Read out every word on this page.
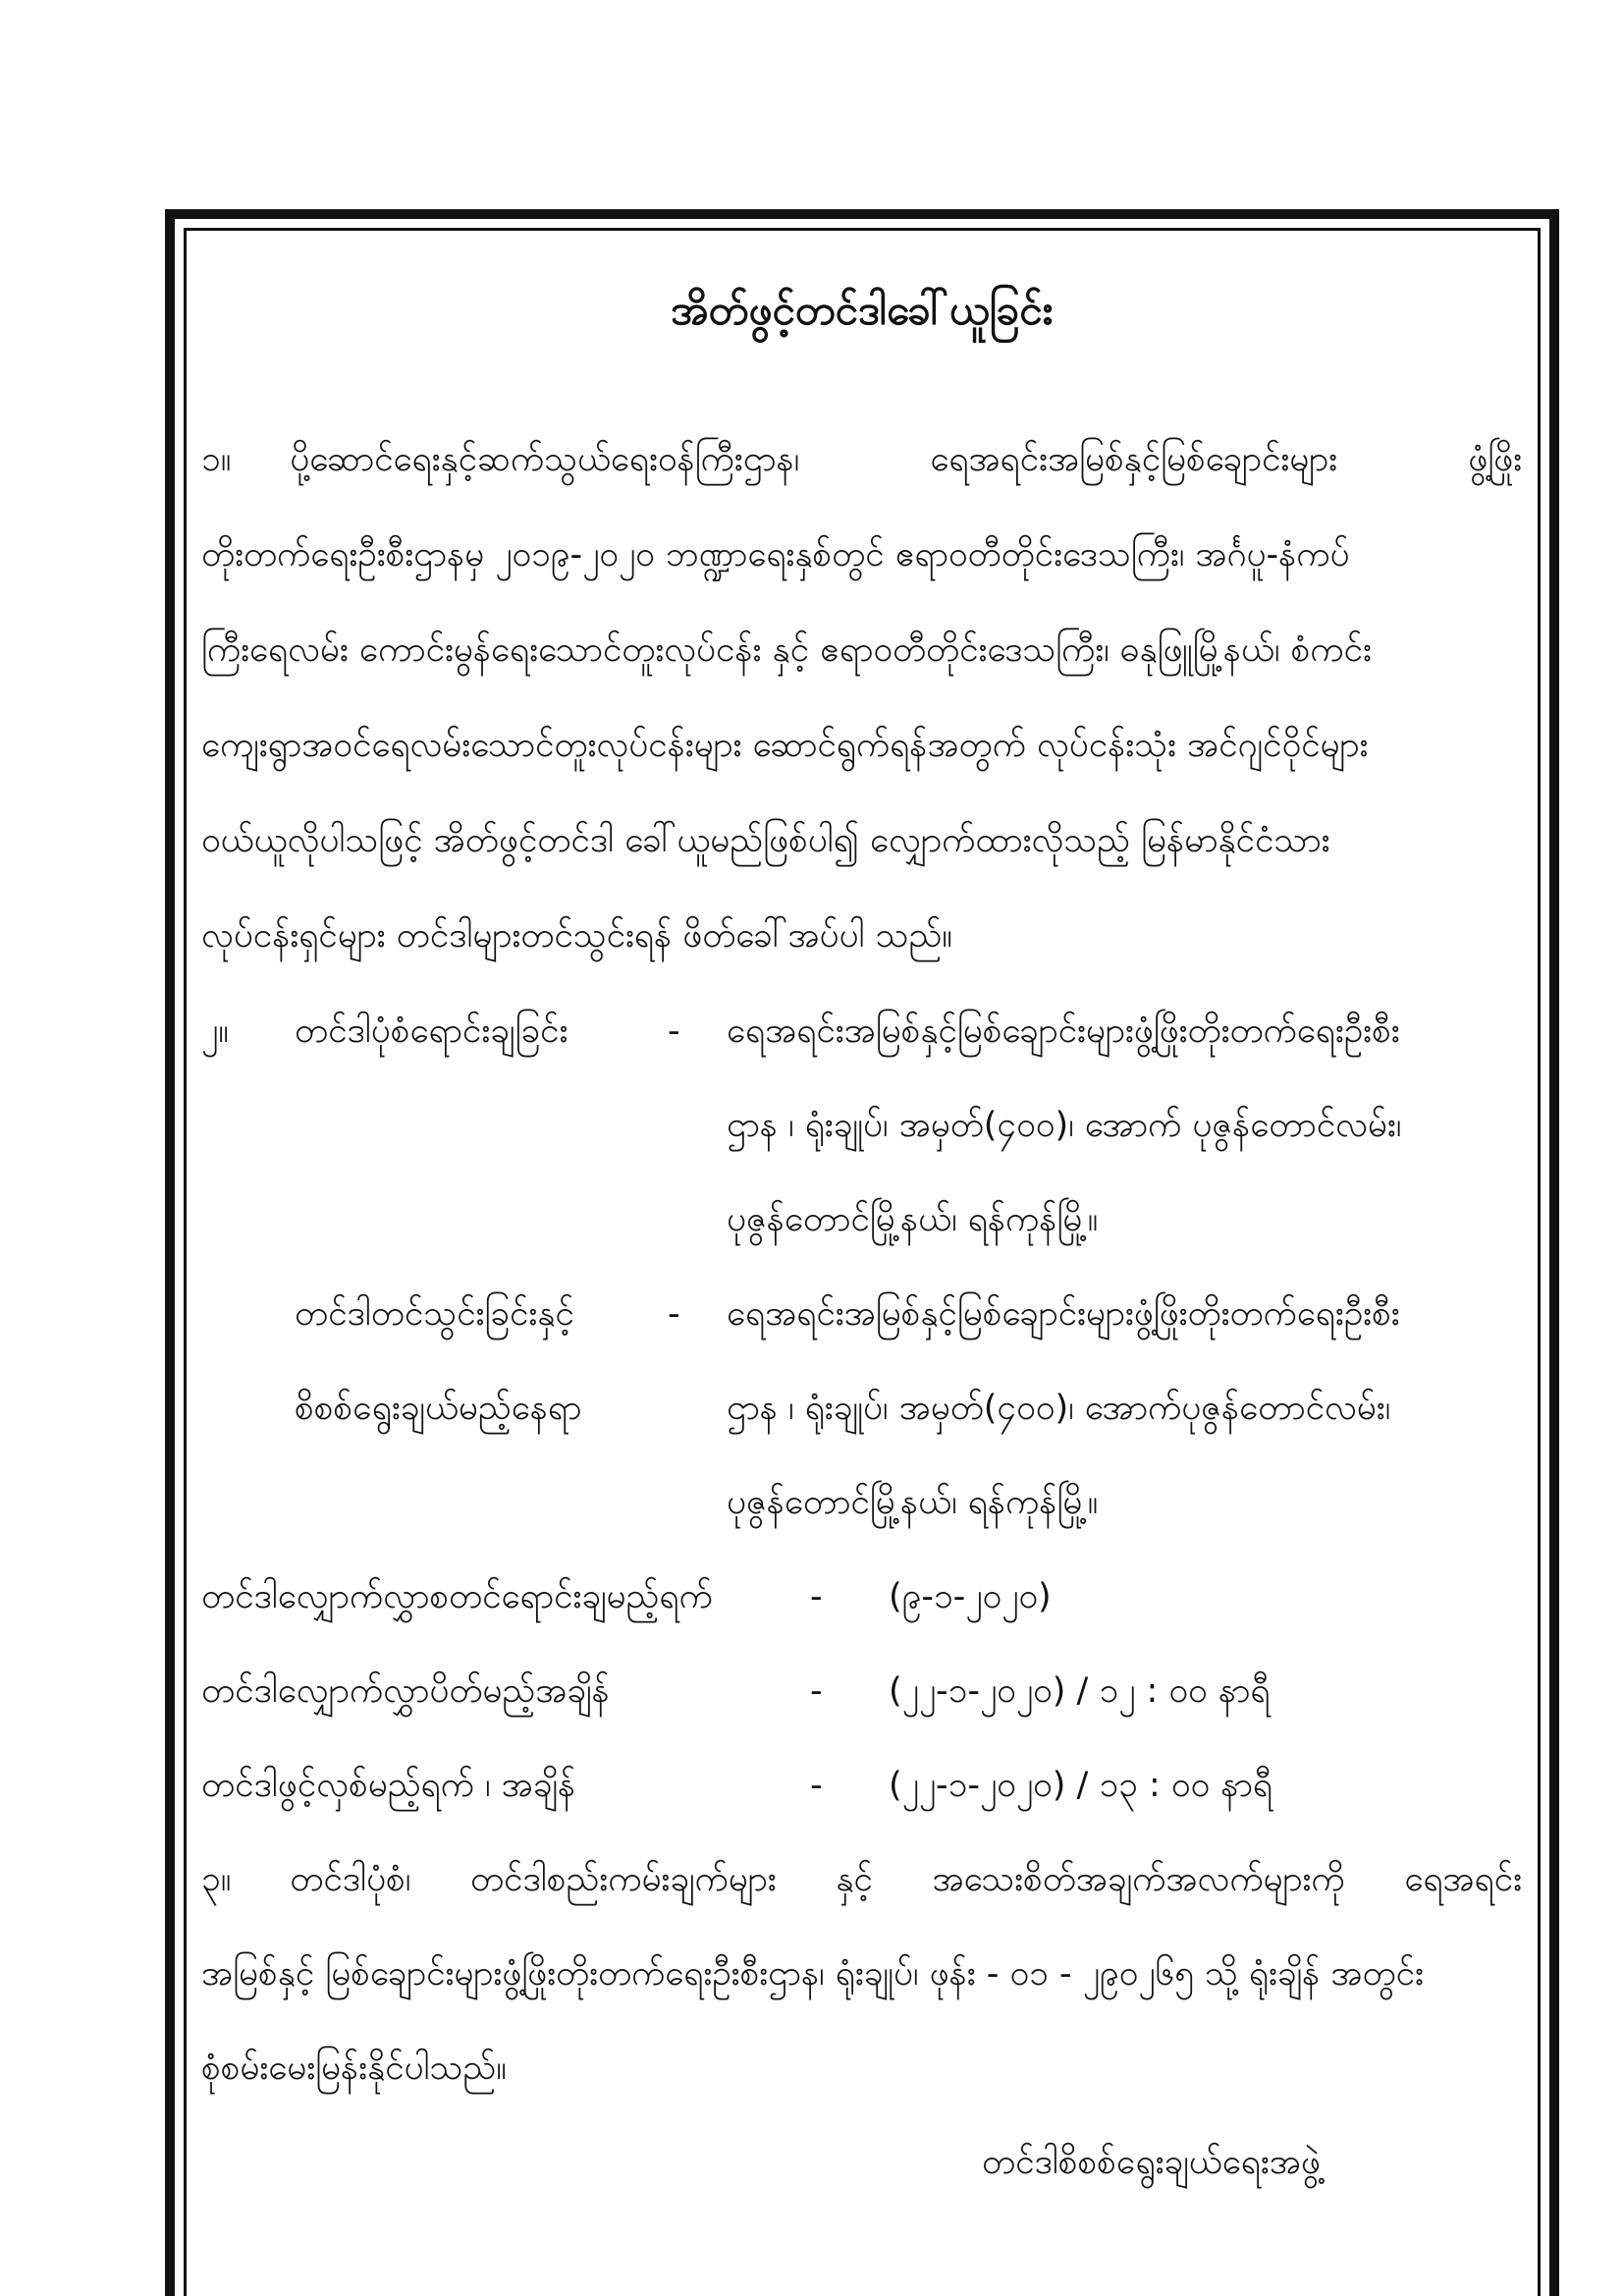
အိတ်ဖွင့်တင်ဒါခေါ်ယူခြင်း
၁။ ပို့ဆောင်ရေးနှင့်ဆက်သွယ်ရေးဝန်ကြီးဌာန၊	ရေအရင်းအမြစ်နှင့်မြစ်ချောင်းများ	ဖွံ့ဖြိုး
တိုးတက်ရေးဦးစီးဌာနမှ ၂၀၁၉-၂၀၂၀ ဘဏ္ဍာရေးနှစ်တွင် ဧရာဝတီတိုင်းဒေသကြီး၊ အင်္ဂပူ-နံကပ်
ကြီးရေလမ်း ကောင်းမွန်ရေးသောင်တူးလုပ်ငန်း နှင့် ဧရာဝတီတိုင်းဒေသကြီး၊ ဓနုဖြူမြို့နယ်၊ စံကင်း
ကျေးရွာအဝင်ရေလမ်းသောင်တူးလုပ်ငန်းများ ဆောင်ရွက်ရန်အတွက် လုပ်ငန်းသုံး အင်ဂျင်ဝိုင်များ
ဝယ်ယူလိုပါသဖြင့် အိတ်ဖွင့်တင်ဒါ ခေါ်ယူမည်ဖြစ်ပါ၍ လျှောက်ထားလိုသည့် မြန်မာနိုင်ငံသား
လုပ်ငန်းရှင်များ တင်ဒါများတင်သွင်းရန် ဖိတ်ခေါ်အပ်ပါ သည်။
၂။ တင်ဒါပုံစံရောင်းချခြင်း	- ရေအရင်းအမြစ်နှင့်မြစ်ချောင်းများဖွံ့ဖြိုးတိုးတက်ရေးဦးစီး
ဌာန ၊ ရုံးချုပ်၊ အမှတ်(၄၀၀)၊ အောက် ပုဇွန်တောင်လမ်း၊
ပုဇွန်တောင်မြို့နယ်၊ ရန်ကုန်မြို့။
တင်ဒါတင်သွင်းခြင်းနှင့်
စိစစ်ရွေးချယ်မည့်နေရာ
- ရေအရင်းအမြစ်နှင့်မြစ်ချောင်းများဖွံ့ဖြိုးတိုးတက်ရေးဦးစီး
ဌာန ၊ ရုံးချုပ်၊ အမှတ်(၄၀၀)၊ အောက်ပုဇွန်တောင်လမ်း၊
ပုဇွန်တောင်မြို့နယ်၊ ရန်ကုန်မြို့။
တင်ဒါလျှောက်လွှာစတင်ရောင်းချမည့်ရက်	- (၉-၁-၂၀၂၀)
တင်ဒါလျှောက်လွှာပိတ်မည့်အချိန်	- (၂၂-၁-၂၀၂၀) / ၁၂ : ၀၀ နာရီ
တင်ဒါဖွင့်လှစ်မည့်ရက် ၊ အချိန်	- (၂၂-၁-၂၀၂၀) / ၁၃ : ၀၀ နာရီ
၃။ တင်ဒါပုံစံ၊ တင်ဒါစည်းကမ်းချက်များ နှင့် အသေးစိတ်အချက်အလက်များကို ရေအရင်း
အမြစ်နှင့် မြစ်ချောင်းများဖွံ့ဖြိုးတိုးတက်ရေးဦးစီးဌာန၊ ရုံးချုပ်၊ ဖုန်း - ၀၁ - ၂၉၀၂၆၅ သို့ ရုံးချိန် အတွင်း
စုံစမ်းမေးမြန်းနိုင်ပါသည်။
တင်ဒါစိစစ်ရွေးချယ်ရေးအဖွဲ့
